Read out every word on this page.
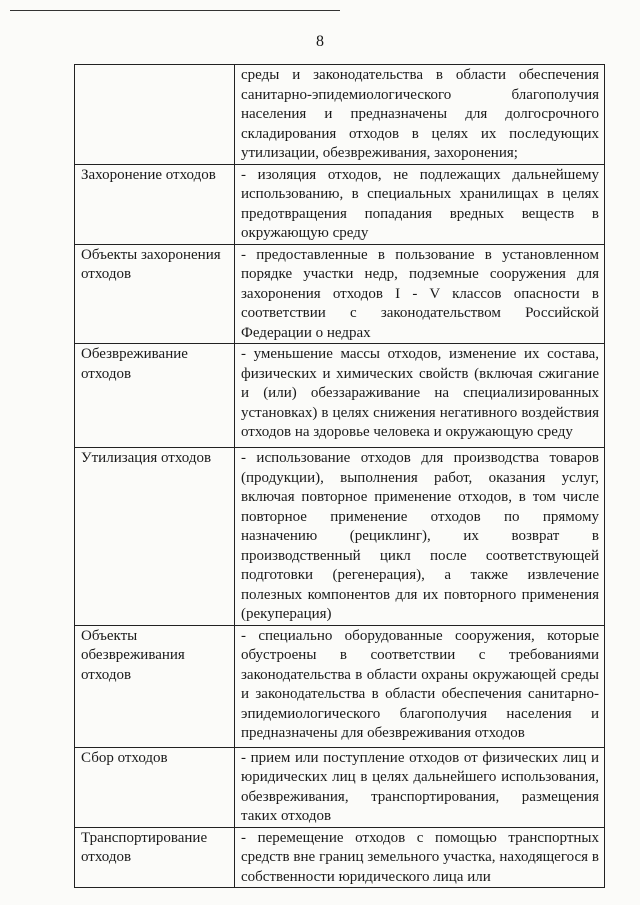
8
	среды и законодательства в области обеспечения санитарно-эпидемиологического благополучия населения и предназначены для долгосрочного складирования отходов в целях их последующих утилизации, обезвреживания, захоронения;
Захоронение отходов	- изоляция отходов, не подлежащих дальнейшему использованию, в специальных хранилищах в целях предотвращения попадания вредных веществ в окружающую среду
Объекты захоронения отходов	- предоставленные в пользование в установленном порядке участки недр, подземные сооружения для захоронения отходов I - V классов опасности в соответствии с законодательством Российской Федерации о недрах
Обезвреживание отходов	- уменьшение массы отходов, изменение их состава, физических и химических свойств (включая сжигание и (или) обеззараживание на специализированных установках) в целях снижения негативного воздействия отходов на здоровье человека и окружающую среду
Утилизация отходов	- использование отходов для производства товаров (продукции), выполнения работ, оказания услуг, включая повторное применение отходов, в том числе повторное применение отходов по прямому назначению (рециклинг), их возврат в производственный цикл после соответствующей подготовки (регенерация), а также извлечение полезных компонентов для их повторного применения (рекуперация)
Объекты обезвреживания отходов	- специально оборудованные сооружения, которые обустроены в соответствии с требованиями законодательства в области охраны окружающей среды и законодательства в области обеспечения санитарно-эпидемиологического благополучия населения и предназначены для обезвреживания отходов
Сбор отходов	- прием или поступление отходов от физических лиц и юридических лиц в целях дальнейшего использования, обезвреживания, транспортирования, размещения таких отходов
Транспортирование отходов	- перемещение отходов с помощью транспортных средств вне границ земельного участка, находящегося в собственности юридического лица или
